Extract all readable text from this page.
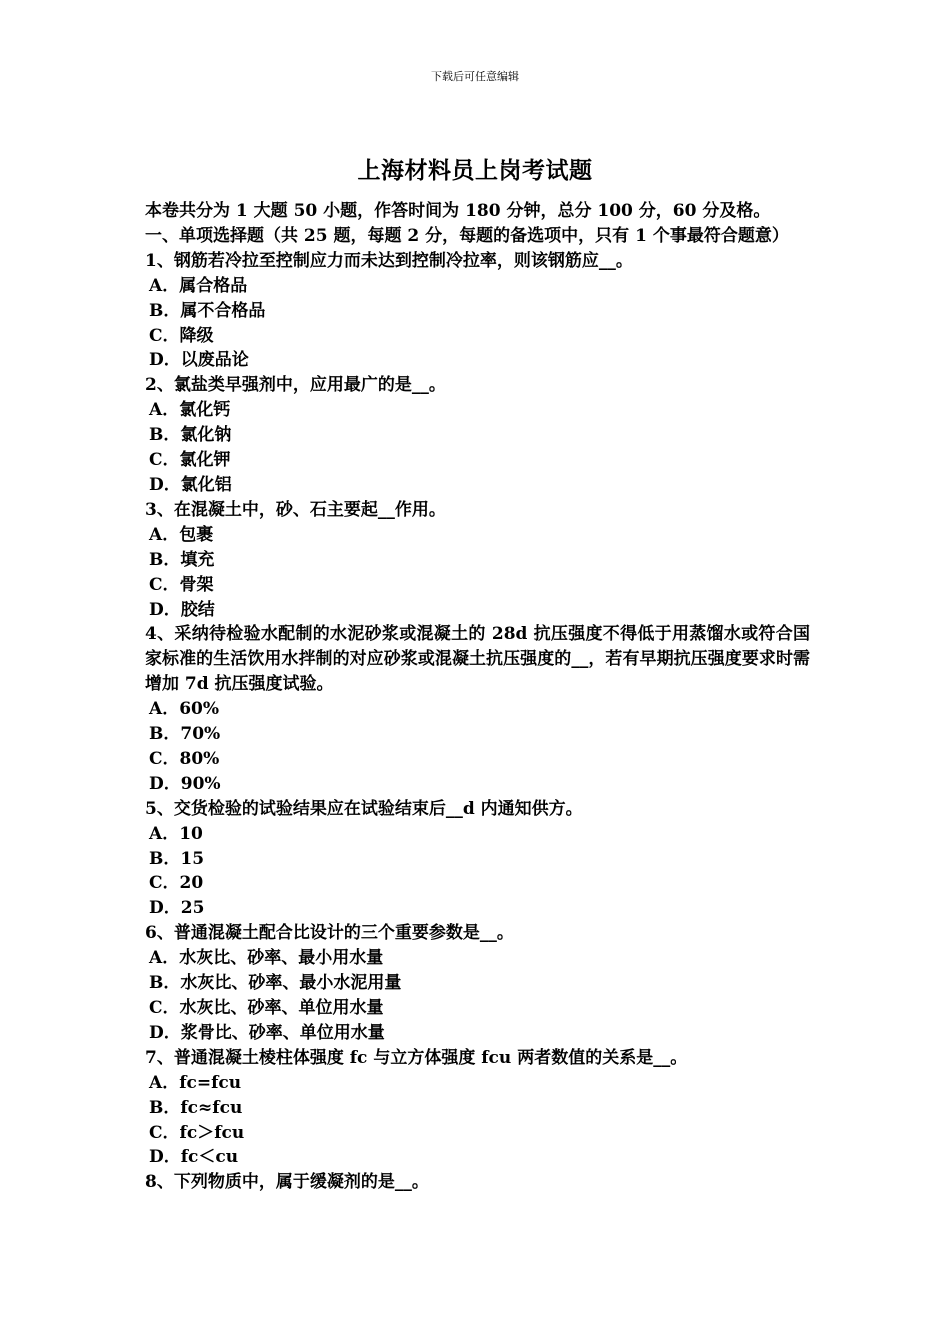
下载后可任意编辑
上海材料员上岗考试题
本卷共分为 1 大题 50 小题，作答时间为 180 分钟，总分 100 分，60 分及格。
一、单项选择题（共 25 题，每题 2 分，每题的备选项中，只有 1 个事最符合题意）
1、钢筋若冷拉至控制应力而未达到控制冷拉率，则该钢筋应__。
A．属合格品
B．属不合格品
C．降级
D．以废品论
2、氯盐类早强剂中，应用最广的是__。
A．氯化钙
B．氯化钠
C．氯化钾
D．氯化铝
3、在混凝土中，砂、石主要起__作用。
A．包裹
B．填充
C．骨架
D．胶结
4、采纳待检验水配制的水泥砂浆或混凝土的 28d 抗压强度不得低于用蒸馏水或符合国家标准的生活饮用水拌制的对应砂浆或混凝土抗压强度的__，若有早期抗压强度要求时需增加 7d 抗压强度试验。
A．60%
B．70%
C．80%
D．90%
5、交货检验的试验结果应在试验结束后__d 内通知供方。
A．10
B．15
C．20
D．25
6、普通混凝土配合比设计的三个重要参数是__。
A．水灰比、砂率、最小用水量
B．水灰比、砂率、最小水泥用量
C．水灰比、砂率、单位用水量
D．浆骨比、砂率、单位用水量
7、普通混凝土棱柱体强度 fc 与立方体强度 fcu 两者数值的关系是__。
A．fc=fcu
B．fc≈fcu
C．fc＞fcu
D．fc＜cu
8、下列物质中，属于缓凝剂的是__。
